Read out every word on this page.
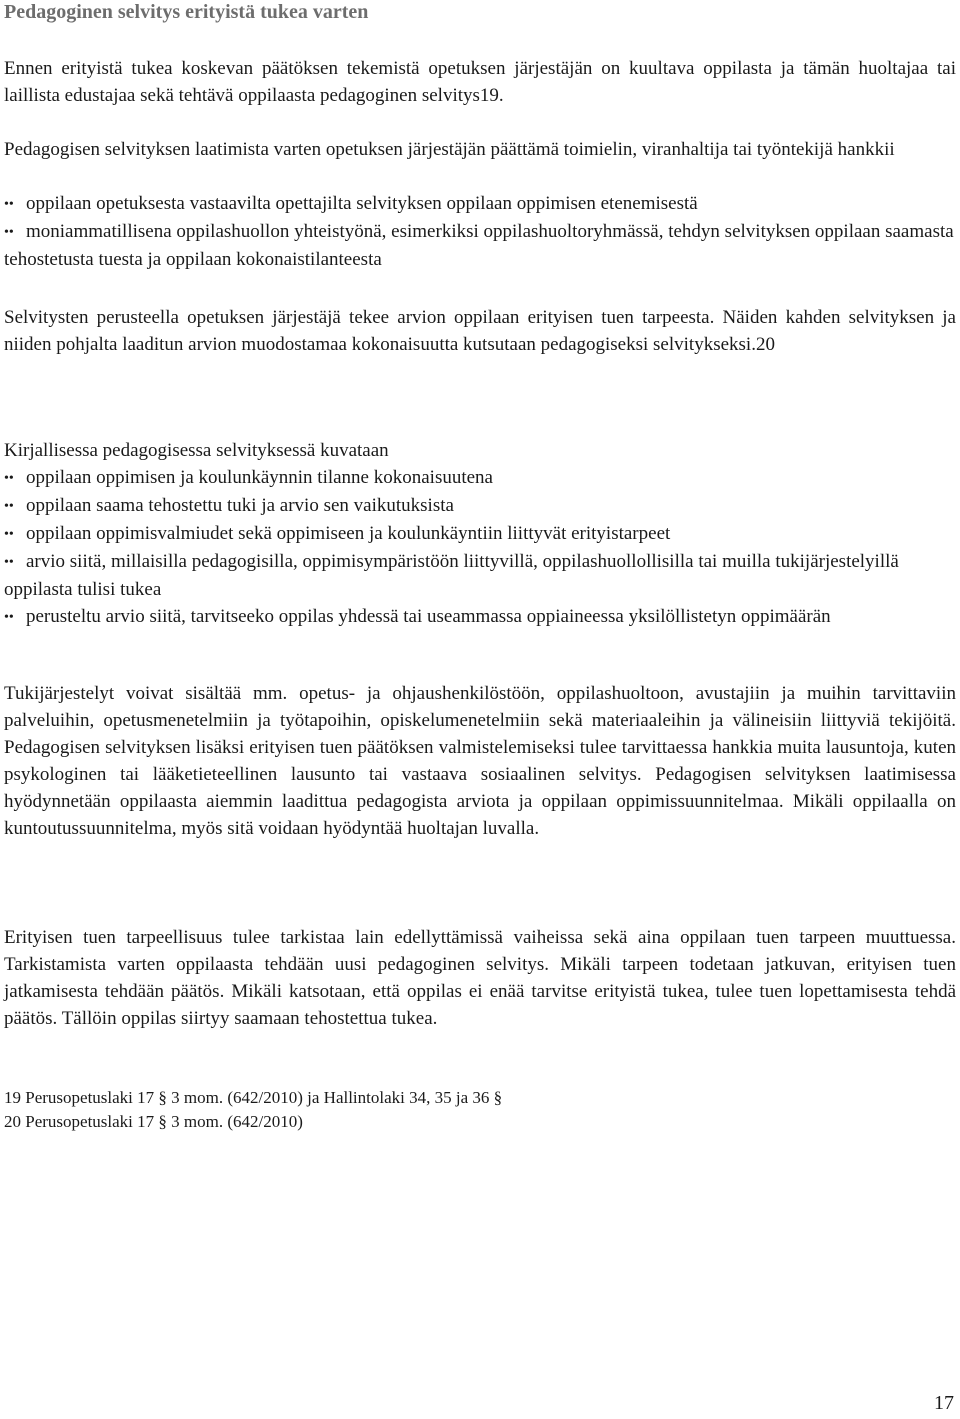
Pedagoginen selvitys erityistä tukea varten

Ennen erityistä tukea koskevan päätöksen tekemistä opetuksen järjestäjän on kuultava oppilasta ja tämän huoltajaa tai laillista edustajaa sekä tehtävä oppilaasta pedagoginen selvitys19.

Pedagogisen selvityksen laatimista varten opetuksen järjestäjän päättämä toimielin, viranhaltija tai työntekijä hankkii

•• oppilaan opetuksesta vastaavilta opettajilta selvityksen oppilaan oppimisen etenemisestä
•• moniammatillisena oppilashuollon yhteistyönä, esimerkiksi oppilashuoltoryhmässä, tehdyn selvityksen oppilaan saamasta tehostetusta tuesta ja oppilaan kokonaistilanteesta

Selvitysten perusteella opetuksen järjestäjä tekee arvion oppilaan erityisen tuen tarpeesta. Näiden kahden selvityksen ja niiden pohjalta laaditun arvion muodostamaa kokonaisuutta kutsutaan pedagogiseksi selvitykseksi.20

Kirjallisessa pedagogisessa selvityksessä kuvataan

•• oppilaan oppimisen ja koulunkäynnin tilanne kokonaisuutena
•• oppilaan saama tehostettu tuki ja arvio sen vaikutuksista
•• oppilaan oppimisvalmiudet sekä oppimiseen ja koulunkäyntiin liittyvät erityistarpeet
•• arvio siitä, millaisilla pedagogisilla, oppimisympäristöön liittyvillä, oppilashuollollisilla tai muilla tukijärjestelyillä oppilasta tulisi tukea
•• perusteltu arvio siitä, tarvitseeko oppilas yhdessä tai useammassa oppiaineessa yksilöllistetyn oppimäärän

Tukijärjestelyt voivat sisältää mm. opetus- ja ohjaushenkilöstöön, oppilashuoltoon, avustajiin ja muihin tarvittaviin palveluihin, opetusmenetelmiin ja työtapoihin, opiskelumenetelmiin sekä materiaaleihin ja välineisiin liittyviä tekijöitä. Pedagogisen selvityksen lisäksi erityisen tuen päätöksen valmistelemiseksi tulee tarvittaessa hankkia muita lausuntoja, kuten psykologinen tai lääketieteellinen lausunto tai vastaava sosiaalinen selvitys. Pedagogisen selvityksen laatimisessa hyödynnetään oppilaasta aiemmin laadittua pedagogista arviota ja oppilaan oppimissuunnitelmaa. Mikäli oppilaalla on kuntoutussuunnitelma, myös sitä voidaan hyödyntää huoltajan luvalla.

Erityisen tuen tarpeellisuus tulee tarkistaa lain edellyttämissä vaiheissa sekä aina oppilaan tuen tarpeen muuttuessa. Tarkistamista varten oppilaasta tehdään uusi pedagoginen selvitys. Mikäli tarpeen todetaan jatkuvan, erityisen tuen jatkamisesta tehdään päätös. Mikäli katsotaan, että oppilas ei enää tarvitse erityistä tukea, tulee tuen lopettamisesta tehdä päätös. Tällöin oppilas siirtyy saamaan tehostettua tukea.

19 Perusopetuslaki 17 § 3 mom. (642/2010) ja Hallintolaki 34, 35 ja 36 §

20 Perusopetuslaki 17 § 3 mom. (642/2010)

17
